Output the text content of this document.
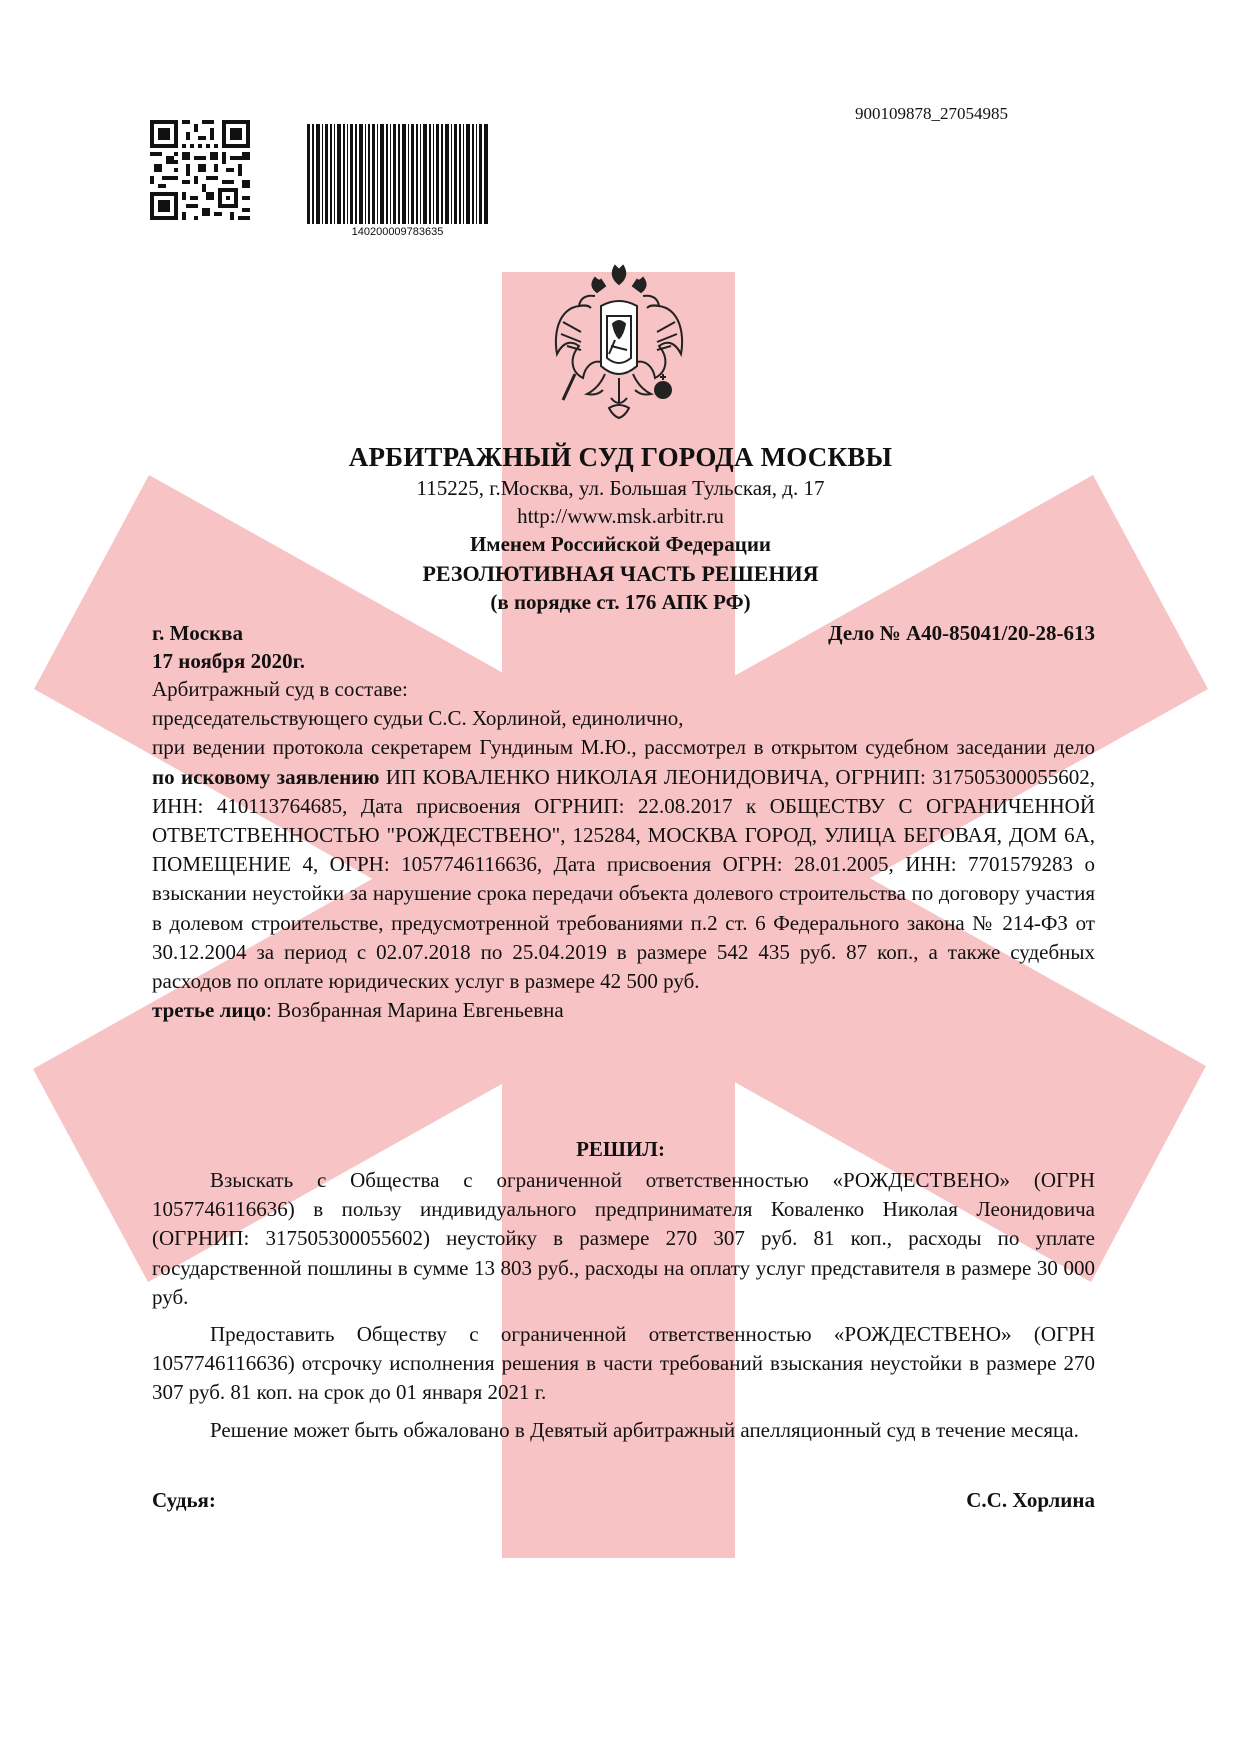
900109878_27054985
14020000978363​5
АРБИТРАЖНЫЙ СУД ГОРОДА МОСКВЫ
115225, г.Москва, ул. Большая Тульская, д. 17
http://www.msk.arbitr.ru
Именем Российской Федерации
РЕЗОЛЮТИВНАЯ ЧАСТЬ РЕШЕНИЯ
(в порядке ст. 176 АПК РФ)
г. Москва	Дело № А40-85041/20-28-613
17 ноября 2020г.

Арбитражный суд в составе:

председательствующего судьи С.С. Хорлиной, единолично,

при ведении протокола секретарем Гундиным М.Ю., рассмотрел в открытом судебном заседании дело по исковому заявлению ИП КОВАЛЕНКО НИКОЛАЯ ЛЕОНИДОВИЧА, ОГРНИП: 317505300055602, ИНН: 410113764685, Дата присвоения ОГРНИП: 22.08.2017 к ОБЩЕСТВУ С ОГРАНИЧЕННОЙ ОТВЕТСТВЕННОСТЬЮ "РОЖДЕСТВЕНО", 125284, МОСКВА ГОРОД, УЛИЦА БЕГОВАЯ, ДОМ 6А, ПОМЕЩЕНИЕ 4, ОГРН: 1057746116636, Дата присвоения ОГРН: 28.01.2005, ИНН: 7701579283 о взыскании неустойки за нарушение срока передачи объекта долевого строительства по договору участия в долевом строительстве, предусмотренной требованиями п.2 ст. 6 Федерального закона № 214-ФЗ от 30.12.2004 за период с 02.07.2018 по 25.04.2019 в размере 542 435 руб. 87 коп., а также судебных расходов по оплате юридических услуг в размере 42 500 руб.

третье лицо: Возбранная Марина Евгеньевна

РЕШИЛ:

Взыскать с Общества с ограниченной ответственностью «РОЖДЕСТВЕНО» (ОГРН 1057746116636) в пользу индивидуального предпринимателя Коваленко Николая Леонидовича (ОГРНИП: 317505300055602) неустойку в размере 270 307 руб. 81 коп., расходы по уплате государственной пошлины в сумме 13 803 руб., расходы на оплату услуг представителя в размере 30 000 руб.

Предоставить Обществу с ограниченной ответственностью «РОЖДЕСТВЕНО» (ОГРН 1057746116636) отсрочку исполнения решения в части требований взыскания неустойки в размере 270 307 руб. 81 коп. на срок до 01 января 2021 г.

Решение может быть обжаловано в Девятый арбитражный апелляционный суд в течение месяца.

Судья:	С.С. Хорлина
